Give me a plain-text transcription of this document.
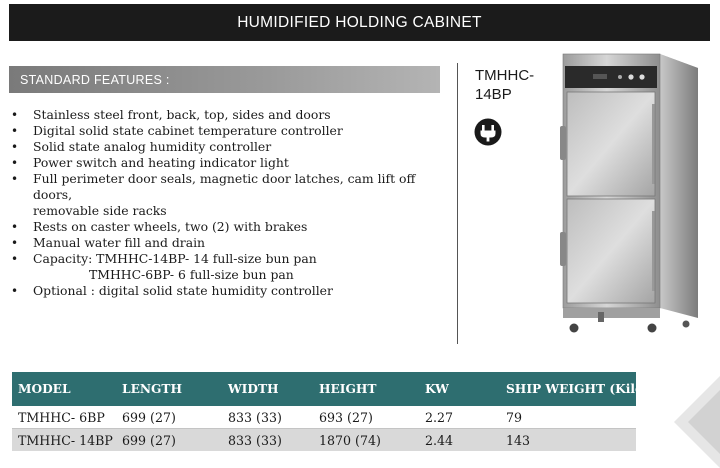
HUMIDIFIED HOLDING CABINET
STANDARD FEATURES :
• Stainless steel front, back, top, sides and doors
• Digital solid state cabinet temperature controller
• Solid state analog humidity controller
• Power switch and heating indicator light
• Full perimeter door seals, magnetic door latches, cam lift off doors,
removable side racks
• Rests on caster wheels, two (2) with brakes
• Manual water fill and drain
• Capacity: TMHHC-14BP- 14 full-size bun pan
TMHHC-6BP- 6 full-size bun pan
• Optional : digital solid state humidity controller
TMHHC-
14BP
MODEL	LENGTH	WIDTH	HEIGHT	KW	SHIP WEIGHT (Kilos)
TMHHC- 6BP	699 (27)	833 (33)	693 (27)	2.27	79
TMHHC- 14BP	699 (27)	833 (33)	1870 (74)	2.44	143
